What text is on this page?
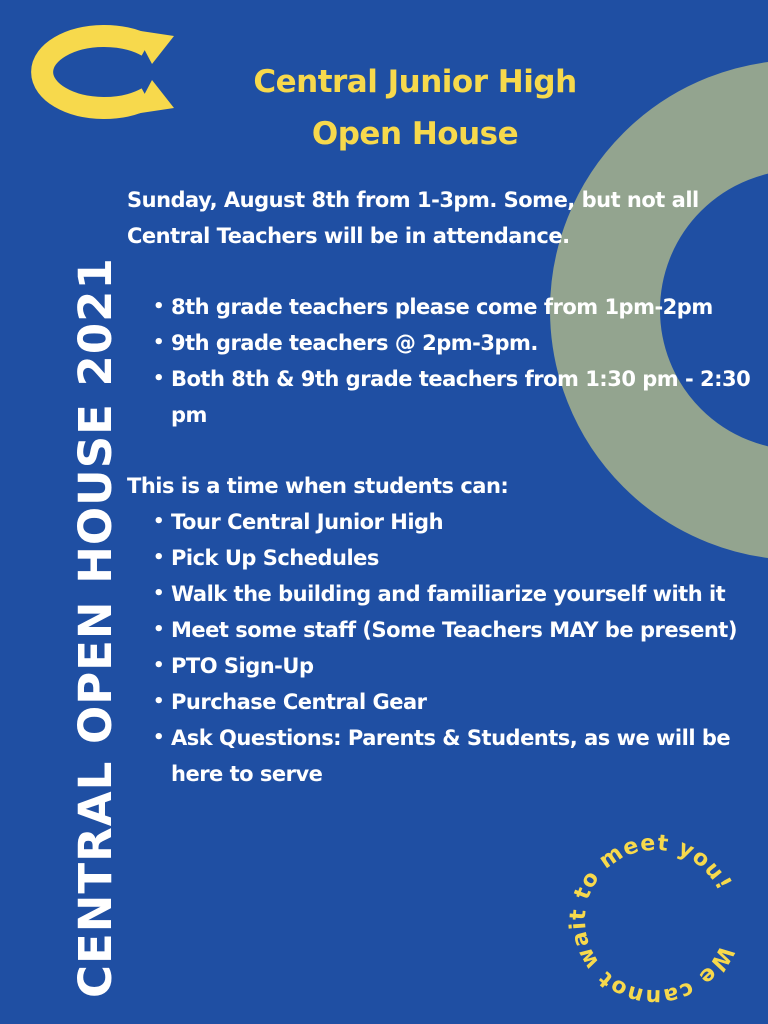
Central Junior High
Open House
CENTRAL OPEN HOUSE 2021

Sunday, August 8th from 1-3pm. Some, but not all Central Teachers will be in attendance.

• 8th grade teachers please come from 1pm-2pm
• 9th grade teachers @ 2pm-3pm.
• Both 8th & 9th grade teachers from 1:30 pm - 2:30 pm

This is a time when students can:

• Tour Central Junior High
• Pick Up Schedules
• Walk the building and familiarize yourself with it
• Meet some staff (Some Teachers MAY be present)
• PTO Sign-Up
• Purchase Central Gear
• Ask Questions: Parents & Students, as we will be here to serve
We cannot wait to meet you!
